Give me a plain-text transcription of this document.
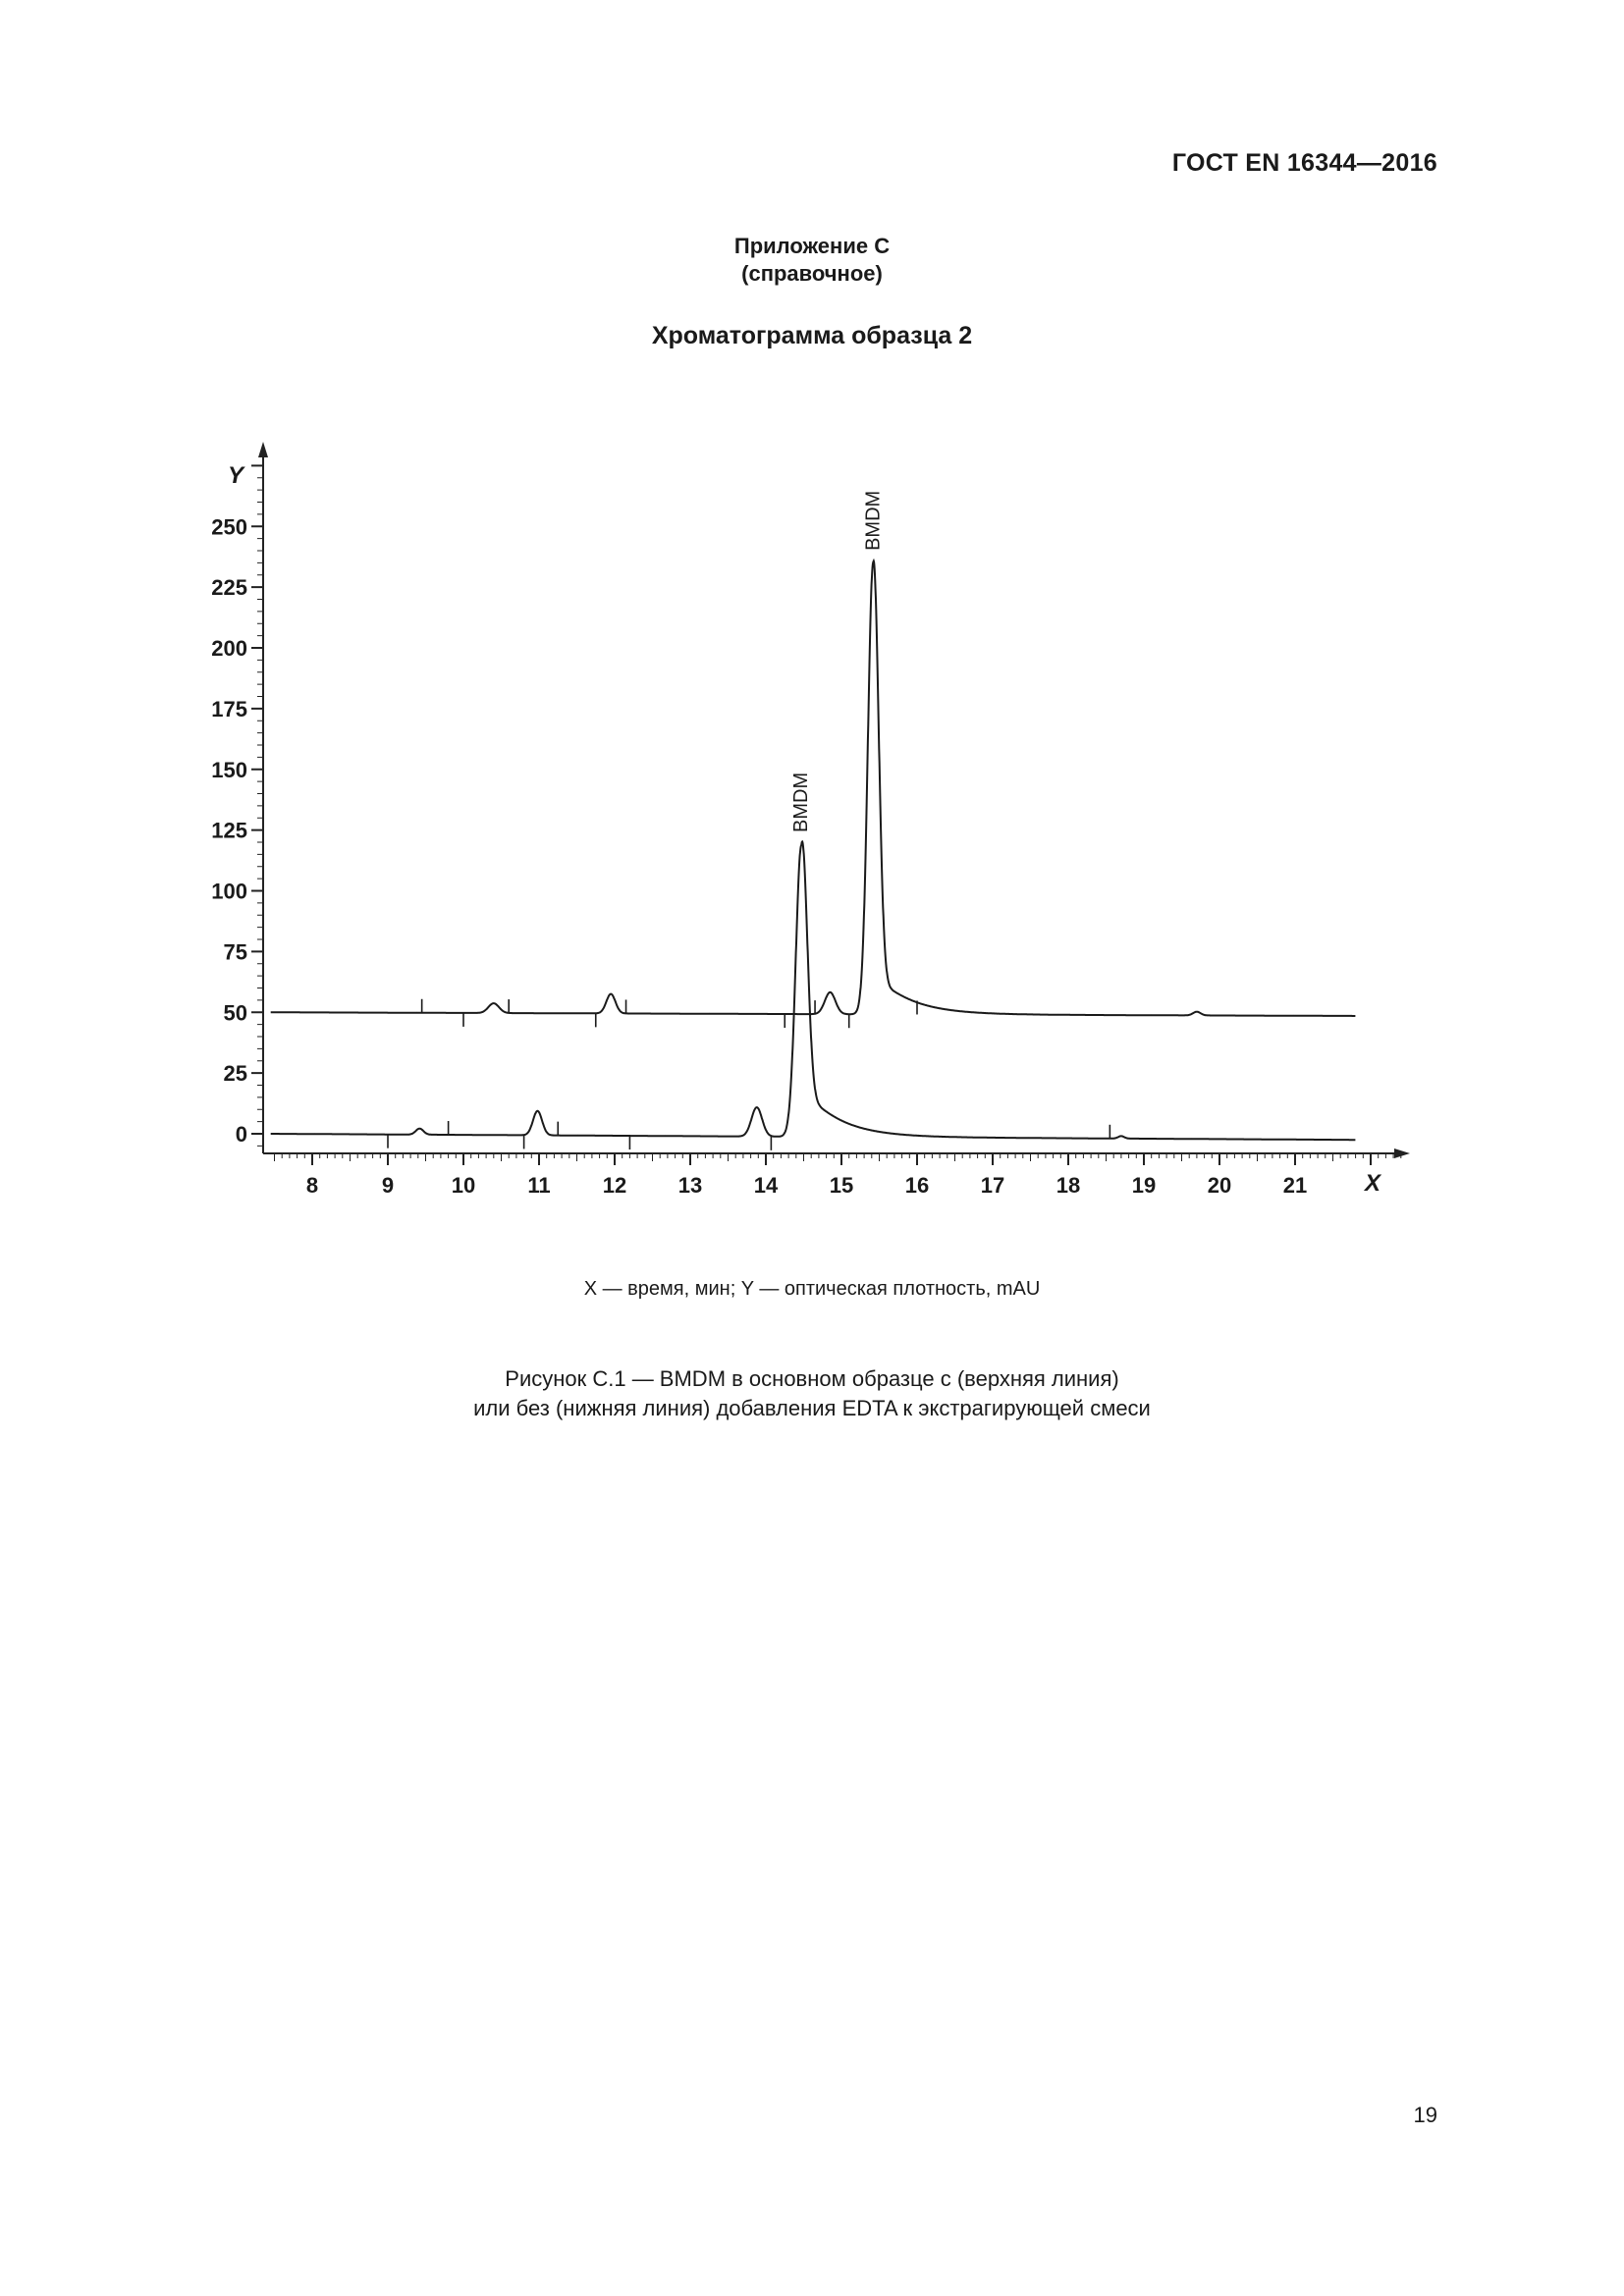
ГОСТ EN 16344—2016
Приложение С
(справочное)
Хроматограмма образца 2
X
Y
8	9	10 11 12 13 14 15 16 17 18 19 20 21
0
25
50
75
100
125
150
175
200
225
250	BMDM
BMDM
X — время, мин; Y — оптическая плотность, mAU
Рисунок С.1 — BMDM в основном образце с (верхняя линия)
или без (нижняя линия) добавления EDTA к экстрагирующей смеси
19
